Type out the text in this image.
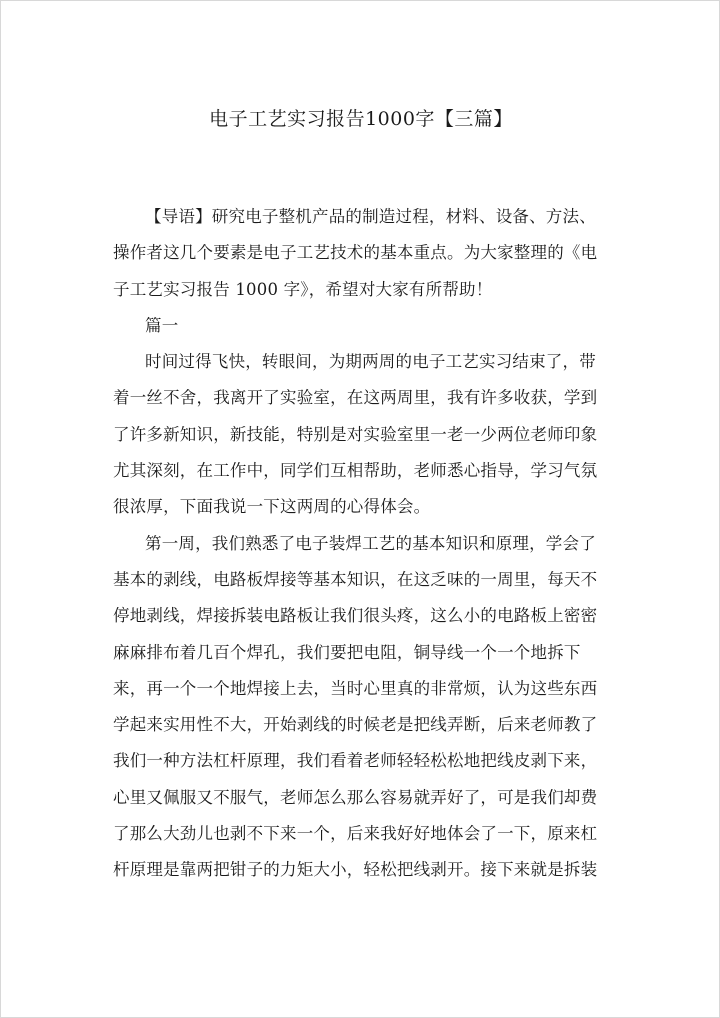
电子工艺实习报告1000字【三篇】
【导语】研究电子整机产品的制造过程，材料、设备、方法、
操作者这几个要素是电子工艺技术的基本重点。为大家整理的《电
子工艺实习报告 1000 字》，希望对大家有所帮助！
篇一
时间过得飞快，转眼间，为期两周的电子工艺实习结束了，带
着一丝不舍，我离开了实验室，在这两周里，我有许多收获，学到
了许多新知识，新技能，特别是对实验室里一老一少两位老师印象
尤其深刻，在工作中，同学们互相帮助，老师悉心指导，学习气氛
很浓厚，下面我说一下这两周的心得体会。
第一周，我们熟悉了电子装焊工艺的基本知识和原理，学会了
基本的剥线，电路板焊接等基本知识，在这乏味的一周里，每天不
停地剥线，焊接拆装电路板让我们很头疼，这么小的电路板上密密
麻麻排布着几百个焊孔，我们要把电阻，铜导线一个一个地拆下
来，再一个一个地焊接上去，当时心里真的非常烦，认为这些东西
学起来实用性不大，开始剥线的时候老是把线弄断，后来老师教了
我们一种方法杠杆原理，我们看着老师轻轻松松地把线皮剥下来，
心里又佩服又不服气，老师怎么那么容易就弄好了，可是我们却费
了那么大劲儿也剥不下来一个，后来我好好地体会了一下，原来杠
杆原理是靠两把钳子的力矩大小，轻松把线剥开。接下来就是拆装
